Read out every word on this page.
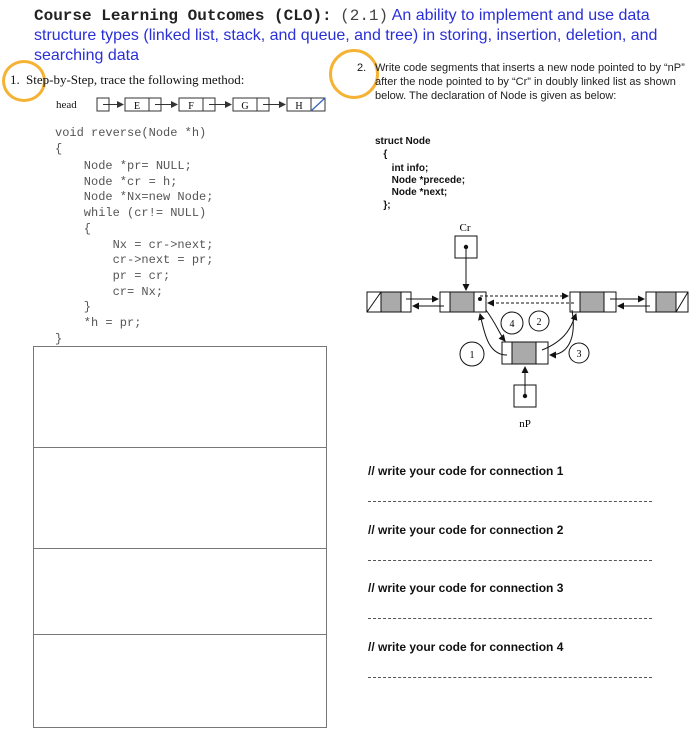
Course Learning Outcomes (CLO): (2.1) An ability to implement and use data structure types (linked list, stack, and queue, and tree) in storing, insertion, deletion, and searching data
1. Step-by-Step, trace the following method:
head	E	F	G	H
void reverse(Node *h)
{
Node *pr= NULL;
Node *cr = h;
Node *Nx=new Node;
while (cr!= NULL)
{
Nx = cr->next;
cr->next = pr;
pr = cr;
cr= Nx;
}
*h = pr;
}
2. Write code segments that inserts a new node pointed to by “nP” after the node pointed to by “Cr” in doubly linked list as shown below. The declaration of Node is given as below:
struct Node
{
int info;
Node *precede;
Node *next;
};
Cr
nP
1
2
3
4
// write your code for connection 1
// write your code for connection 2
// write your code for connection 3
// write your code for connection 4
